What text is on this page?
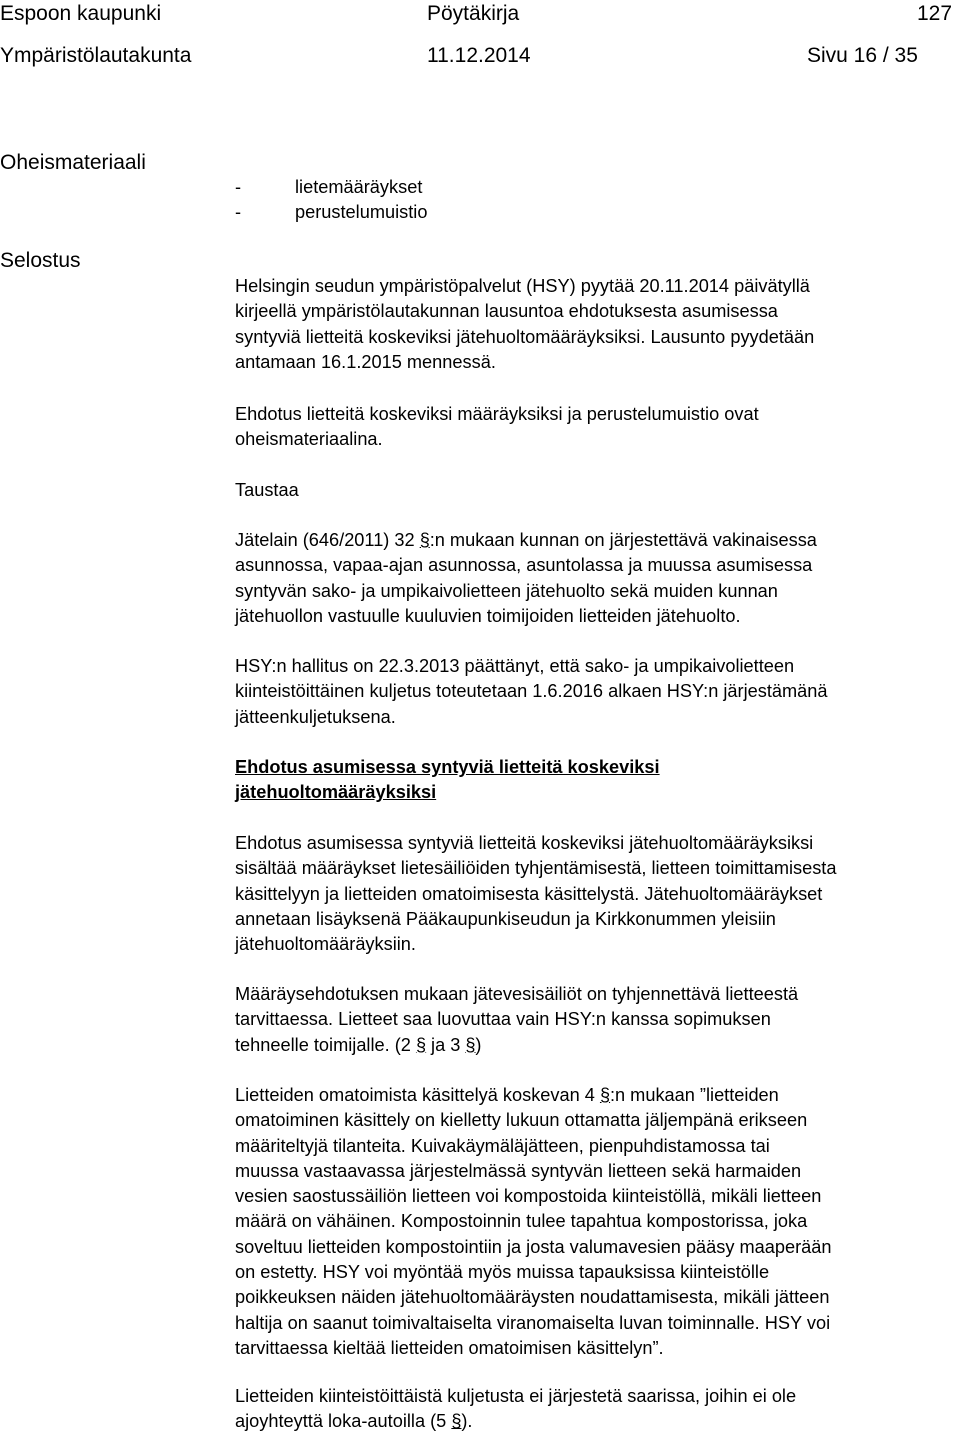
Espoon kaupunki	Pöytäkirja	127
Ympäristölautakunta	11.12.2014	Sivu 16 / 35
Oheismateriaali
-	lietemääräykset
-	perustelumuistio
Selostus
Helsingin seudun ympäristöpalvelut (HSY) pyytää 20.11.2014 päivätyllä
kirjeellä ympäristölautakunnan lausuntoa ehdotuksesta asumisessa
syntyviä lietteitä koskeviksi jätehuoltomääräyksiksi. Lausunto pyydetään
antamaan 16.1.2015 mennessä.
Ehdotus lietteitä koskeviksi määräyksiksi ja perustelumuistio ovat
oheismateriaalina.
Taustaa
Jätelain (646/2011) 32 §:n mukaan kunnan on järjestettävä vakinaisessa
asunnossa, vapaa-ajan asunnossa, asuntolassa ja muussa asumisessa
syntyvän sako- ja umpikaivolietteen jätehuolto sekä muiden kunnan
jätehuollon vastuulle kuuluvien toimijoiden lietteiden jätehuolto.
HSY:n hallitus on 22.3.2013 päättänyt, että sako- ja umpikaivolietteen
kiinteistöittäinen kuljetus toteutetaan 1.6.2016 alkaen HSY:n järjestämänä
jätteenkuljetuksena.
Ehdotus asumisessa syntyviä lietteitä koskeviksi
jätehuoltomääräyksiksi
Ehdotus asumisessa syntyviä lietteitä koskeviksi jätehuoltomääräyksiksi
sisältää määräykset lietesäiliöiden tyhjentämisestä, lietteen toimittamisesta
käsittelyyn ja lietteiden omatoimisesta käsittelystä. Jätehuoltomääräykset
annetaan lisäyksenä Pääkaupunkiseudun ja Kirkkonummen yleisiin
jätehuoltomääräyksiin.
Määräysehdotuksen mukaan jätevesisäiliöt on tyhjennettävä lietteestä
tarvittaessa. Lietteet saa luovuttaa vain HSY:n kanssa sopimuksen
tehneelle toimijalle. (2 § ja 3 §)
Lietteiden omatoimista käsittelyä koskevan 4 §:n mukaan ”lietteiden
omatoiminen käsittely on kielletty lukuun ottamatta jäljempänä erikseen
määriteltyjä tilanteita. Kuivakäymäläjätteen, pienpuhdistamossa tai
muussa vastaavassa järjestelmässä syntyvän lietteen sekä harmaiden
vesien saostussäiliön lietteen voi kompostoida kiinteistöllä, mikäli lietteen
määrä on vähäinen. Kompostoinnin tulee tapahtua kompostorissa, joka
soveltuu lietteiden kompostointiin ja josta valumavesien pääsy maaperään
on estetty. HSY voi myöntää myös muissa tapauksissa kiinteistölle
poikkeuksen näiden jätehuoltomääräysten noudattamisesta, mikäli jätteen
haltija on saanut toimivaltaiselta viranomaiselta luvan toiminnalle. HSY voi
tarvittaessa kieltää lietteiden omatoimisen käsittelyn”.
Lietteiden kiinteistöittäistä kuljetusta ei järjestetä saarissa, joihin ei ole
ajoyhteyttä loka-autoilla (5 §).
